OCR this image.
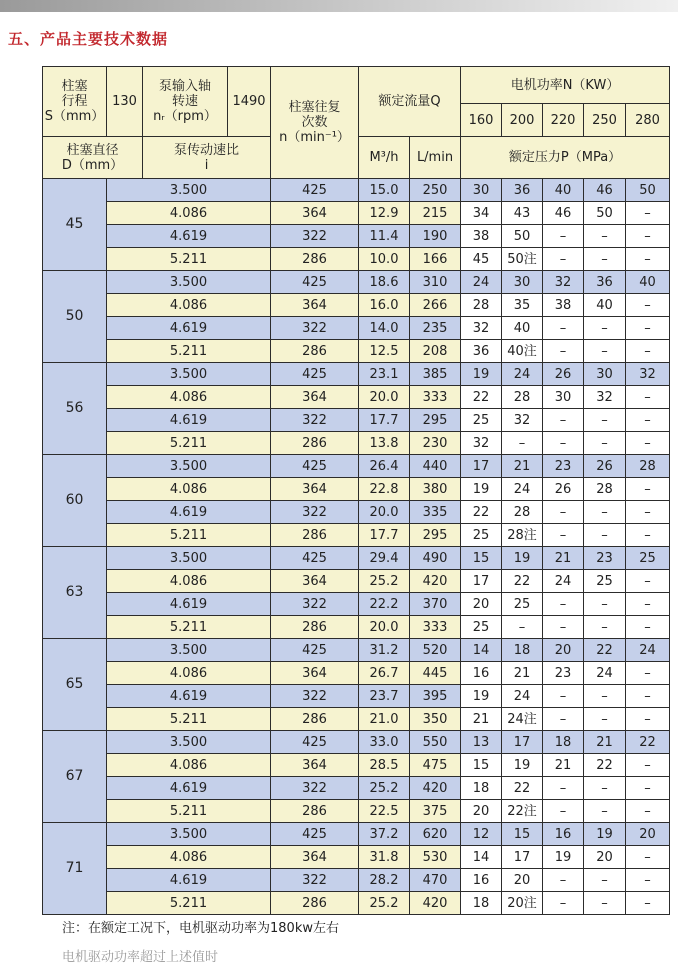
五、产品主要技术数据
柱塞
行程
S（mm）	130	泵输入轴
转速
nᵣ（rpm）	1490	柱塞往复
次数
n（min⁻¹）	额定流量Q		电机功率N（KW）				
							160	200	220	250	280
柱塞直径
D（mm）		泵传动速比
i			M³/h	L/min	额定压力P（MPa）				
45	3.500			425	15.0	250	30	36	40	46	50
	4.086			364	12.9	215	34	43	46	50	–
	4.619			322	11.4	190	38	50	–	–	–
	5.211			286	10.0	166	45	50注	–	–	–
50	3.500			425	18.6	310	24	30	32	36	40
	4.086			364	16.0	266	28	35	38	40	–
	4.619			322	14.0	235	32	40	–	–	–
	5.211			286	12.5	208	36	40注	–	–	–
56	3.500			425	23.1	385	19	24	26	30	32
	4.086			364	20.0	333	22	28	30	32	–
	4.619			322	17.7	295	25	32	–	–	–
	5.211			286	13.8	230	32	–	–	–	–
60	3.500			425	26.4	440	17	21	23	26	28
	4.086			364	22.8	380	19	24	26	28	–
	4.619			322	20.0	335	22	28	–	–	–
	5.211			286	17.7	295	25	28注	–	–	–
63	3.500			425	29.4	490	15	19	21	23	25
	4.086			364	25.2	420	17	22	24	25	–
	4.619			322	22.2	370	20	25	–	–	–
	5.211			286	20.0	333	25	–	–	–	–
65	3.500			425	31.2	520	14	18	20	22	24
	4.086			364	26.7	445	16	21	23	24	–
	4.619			322	23.7	395	19	24	–	–	–
	5.211			286	21.0	350	21	24注	–	–	–
67	3.500			425	33.0	550	13	17	18	21	22
	4.086			364	28.5	475	15	19	21	22	–
	4.619			322	25.2	420	18	22	–	–	–
	5.211			286	22.5	375	20	22注	–	–	–
71	3.500			425	37.2	620	12	15	16	19	20
	4.086			364	31.8	530	14	17	19	20	–
	4.619			322	28.2	470	16	20	–	–	–
	5.211			286	25.2	420	18	20注	–	–	–
注：在额定工况下，电机驱动功率为180kw左右
电机驱动功率超过上述值时
